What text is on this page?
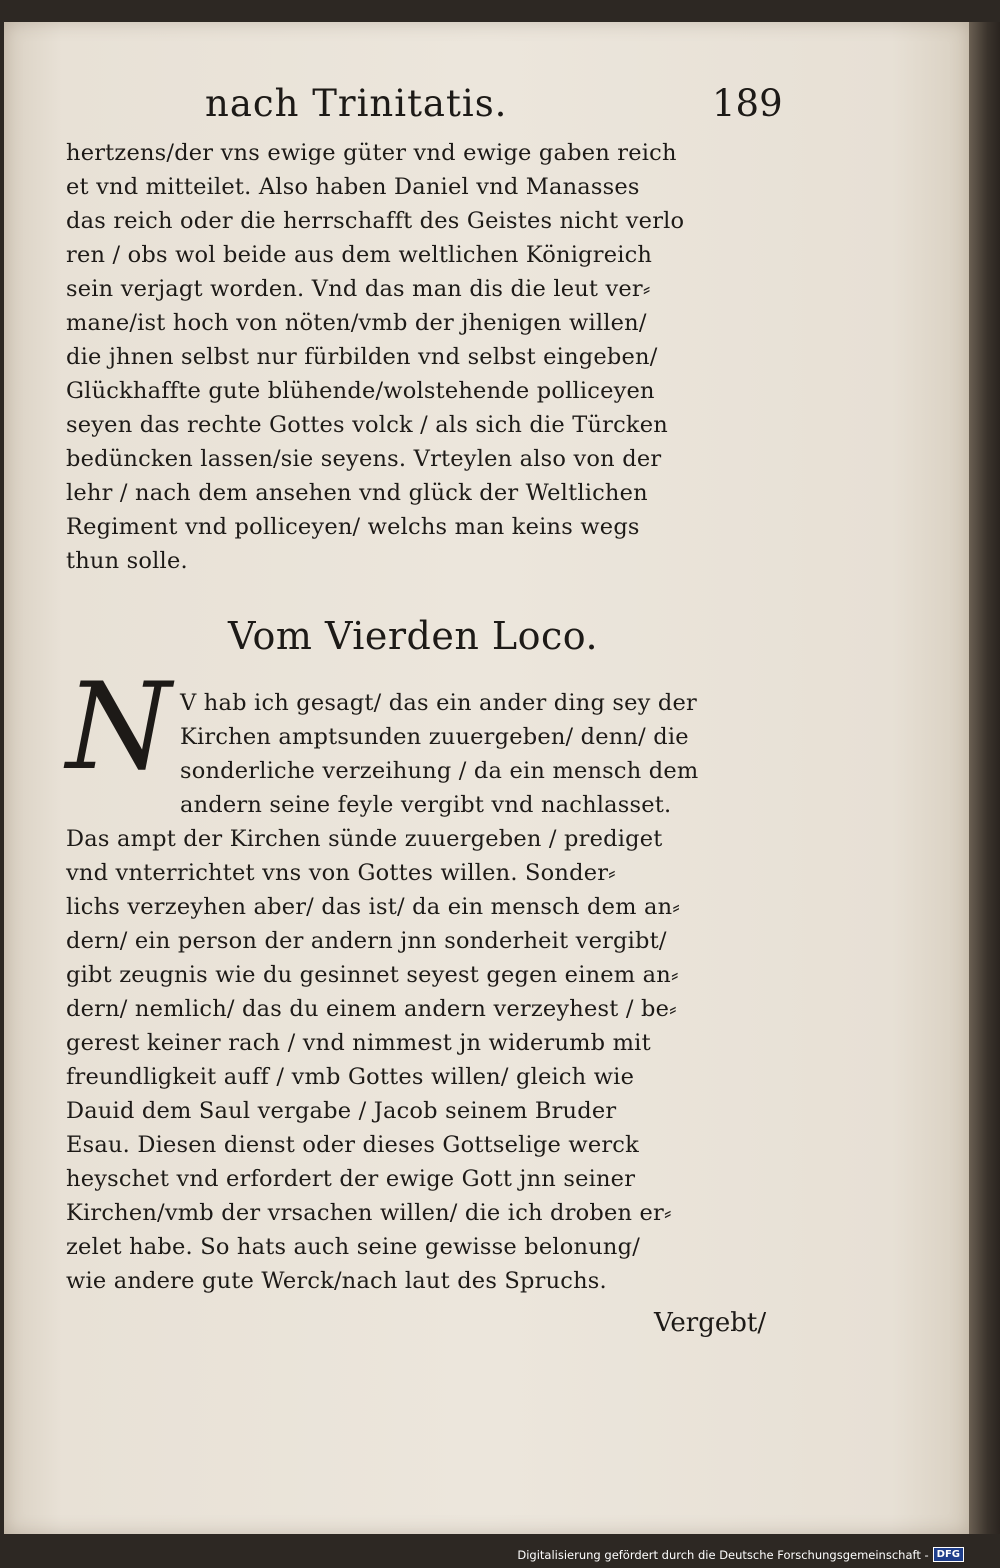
nach Trinitatis.	189
hertzens/der vns ewige güter vnd ewige gaben reich
et vnd mitteilet. Also haben Daniel vnd Manasses
das reich oder die herrschafft des Geistes nicht verlo
ren / obs wol beide aus dem weltlichen Königreich
sein verjagt worden. Vnd das man dis die leut ver⸗
mane/ist hoch von nöten/vmb der jhenigen willen/
die jhnen selbst nur fürbilden vnd selbst eingeben/
Glückhaffte gute blühende/wolstehende polliceyen
seyen das rechte Gottes volck / als sich die Türcken
bedüncken lassen/sie seyens. Vrteylen also von der
lehr / nach dem ansehen vnd glück der Weltlichen
Regiment vnd polliceyen/ welchs man keins wegs
thun solle.
Vom Vierden Loco.
N V hab ich gesagt/ das ein ander ding sey der
Kirchen amptsunden zuuergeben/ denn/ die
sonderliche verzeihung / da ein mensch dem
andern seine feyle vergibt vnd nachlasset.
Das ampt der Kirchen sünde zuuergeben / prediget
vnd vnterrichtet vns von Gottes willen. Sonder⸗
lichs verzeyhen aber/ das ist/ da ein mensch dem an⸗
dern/ ein person der andern jnn sonderheit vergibt/
gibt zeugnis wie du gesinnet seyest gegen einem an⸗
dern/ nemlich/ das du einem andern verzeyhest / be⸗
gerest keiner rach / vnd nimmest jn widerumb mit
freundligkeit auff / vmb Gottes willen/ gleich wie
Dauid dem Saul vergabe / Jacob seinem Bruder
Esau. Diesen dienst oder dieses Gottselige werck
heyschet vnd erfordert der ewige Gott jnn seiner
Kirchen/vmb der vrsachen willen/ die ich droben er⸗
zelet habe. So hats auch seine gewisse belonung/
wie andere gute Werck/nach laut des Spruchs.
Vergebt/
Digitalisierung gefördert durch die Deutsche Forschungsgemeinschaft - DFG
